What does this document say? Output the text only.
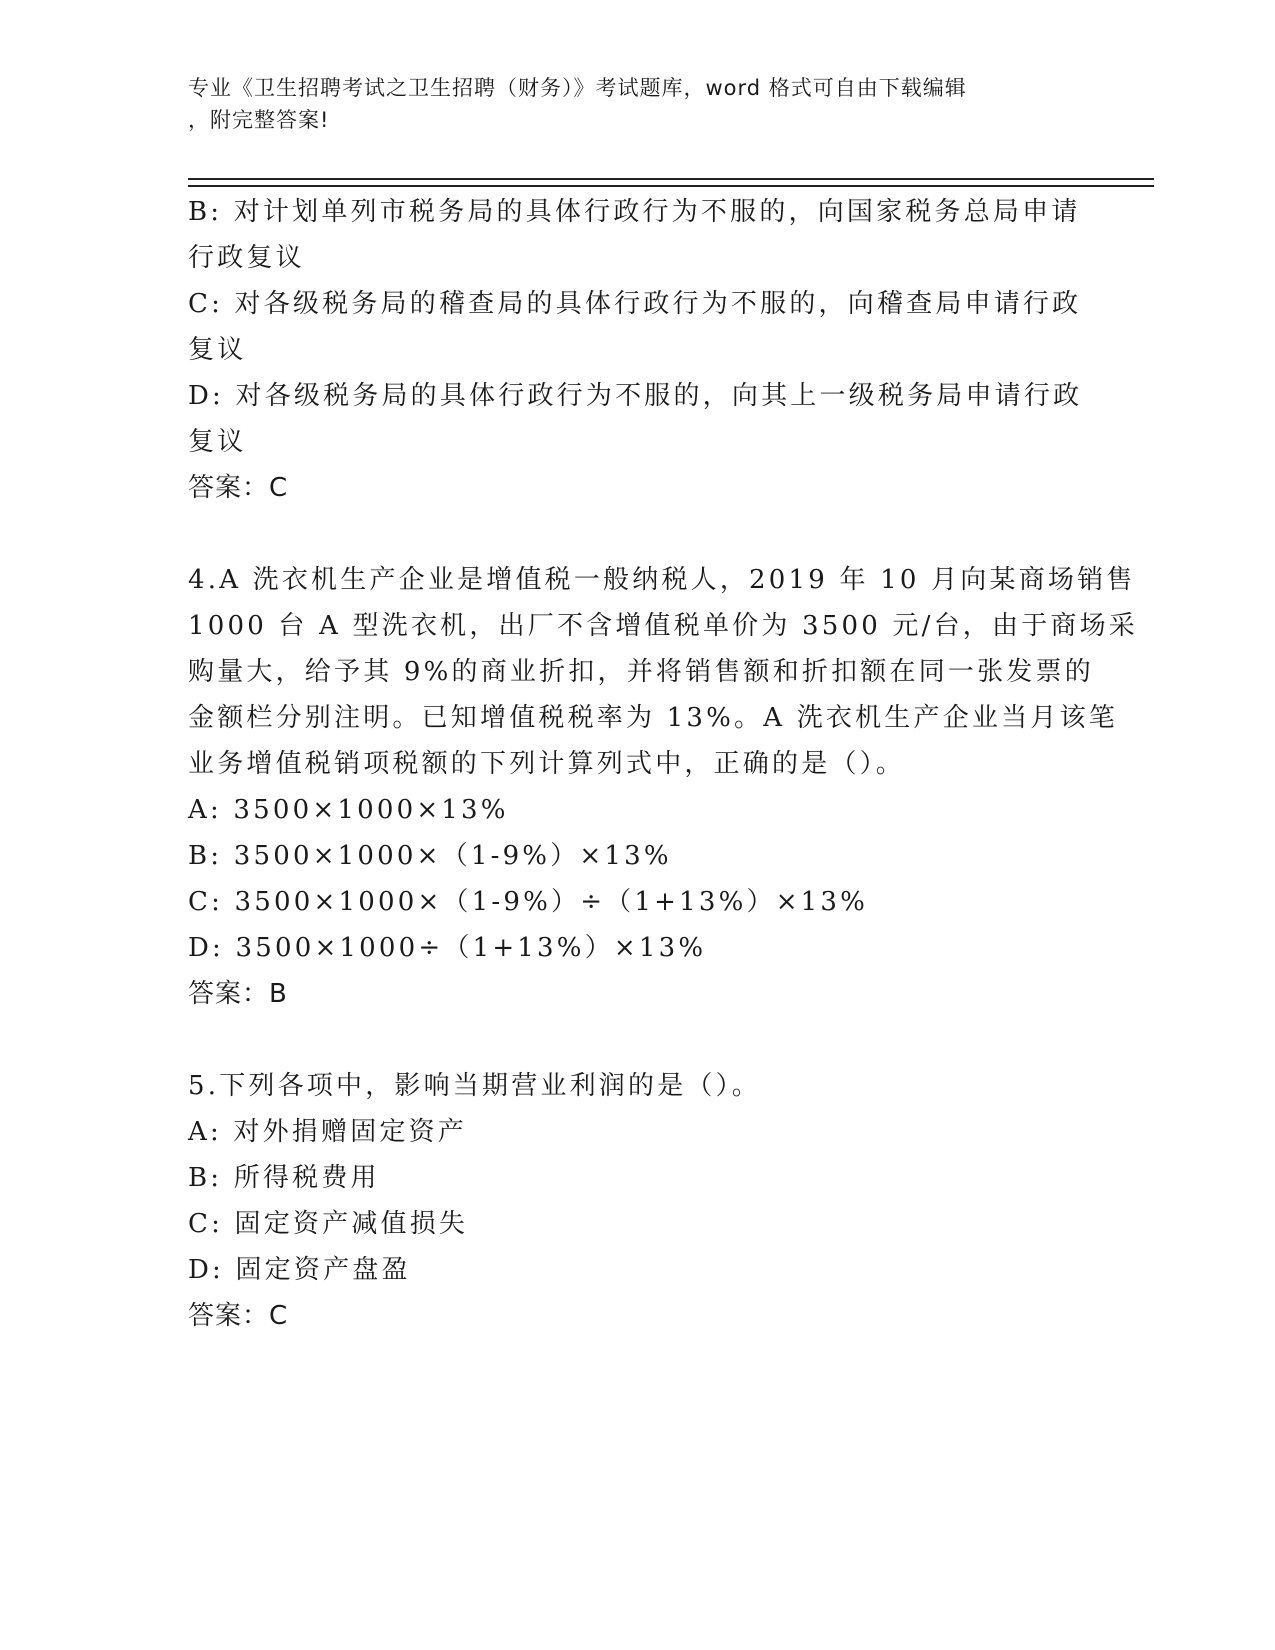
专业《卫生招聘考试之卫生招聘（财务）》考试题库，word 格式可自由下载编辑
，附完整答案!
B: 对计划单列市税务局的具体行政行为不服的，向国家税务总局申请
行政复议
C: 对各级税务局的稽查局的具体行政行为不服的，向稽查局申请行政
复议
D: 对各级税务局的具体行政行为不服的，向其上一级税务局申请行政
复议
答案：C
4.A 洗衣机生产企业是增值税一般纳税人，2019 年 10 月向某商场销售
1000 台 A 型洗衣机，出厂不含增值税单价为 3500 元/台，由于商场采
购量大，给予其 9%的商业折扣，并将销售额和折扣额在同一张发票的
金额栏分别注明。已知增值税税率为 13%。A 洗衣机生产企业当月该笔
业务增值税销项税额的下列计算列式中，正确的是（）。
A: 3500×1000×13%
B: 3500×1000×（1-9%）×13%
C: 3500×1000×（1-9%）÷（1+13%）×13%
D: 3500×1000÷（1+13%）×13%
答案：B
5.下列各项中，影响当期营业利润的是（）。
A: 对外捐赠固定资产
B: 所得税费用
C: 固定资产减值损失
D: 固定资产盘盈
答案：C
